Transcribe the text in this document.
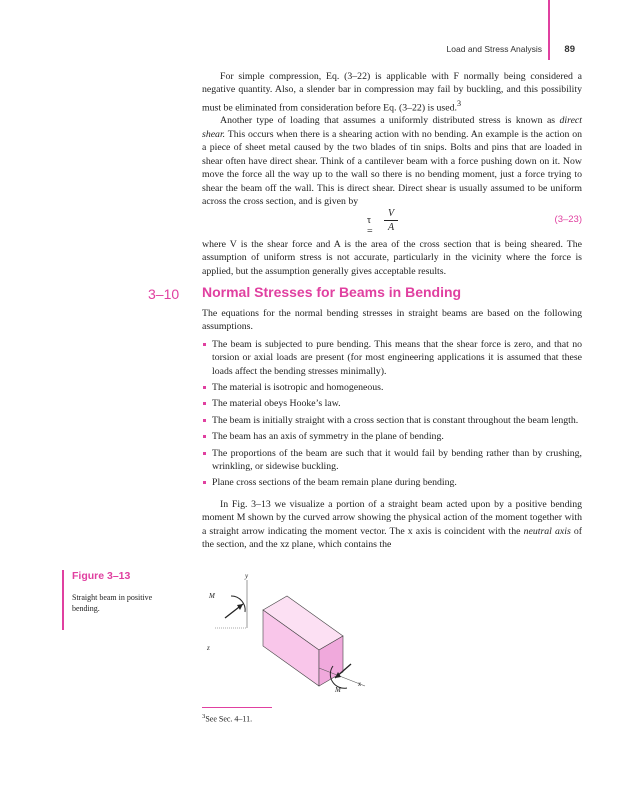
Load and Stress Analysis 89

For simple compression, Eq. (3–22) is applicable with F normally being considered a negative quantity. Also, a slender bar in compression may fail by buckling, and this possibility must be eliminated from consideration before Eq. (3–22) is used.$^3$

Another type of loading that assumes a uniformly distributed stress is known as direct shear. This occurs when there is a shearing action with no bending. An example is the action on a piece of sheet metal caused by the two blades of tin snips. Bolts and pins that are loaded in shear often have direct shear. Think of a cantilever beam with a force pushing down on it. Now move the force all the way up to the wall so there is no bending moment, just a force trying to shear the beam off the wall. This is direct shear. Direct shear is usually assumed to be uniform across the cross section, and is given by

τ =
V
A
(3–23)

where V is the shear force and A is the area of the cross section that is being sheared. The assumption of uniform stress is not accurate, particularly in the vicinity where the force is applied, but the assumption generally gives acceptable results.

3–10 Normal Stresses for Beams in Bending

The equations for the normal bending stresses in straight beams are based on the following assumptions.

The beam is subjected to pure bending. This means that the shear force is zero, and that no torsion or axial loads are present (for most engineering applications it is assumed that these loads affect the bending stresses minimally).
The material is isotropic and homogeneous.
The material obeys Hooke’s law.
The beam is initially straight with a cross section that is constant throughout the beam length.
The beam has an axis of symmetry in the plane of bending.
The proportions of the beam are such that it would fail by bending rather than by crushing, wrinkling, or sidewise buckling.
Plane cross sections of the beam remain plane during bending.

In Fig. 3–13 we visualize a portion of a straight beam acted upon by a positive bending moment M shown by the curved arrow showing the physical action of the moment together with a straight arrow indicating the moment vector. The x axis is coincident with the neutral axis of the section, and the xz plane, which contains the

Figure 3–13
Straight beam in positive bending.
y
z
x
M
M
$^3$See Sec. 4–11.
